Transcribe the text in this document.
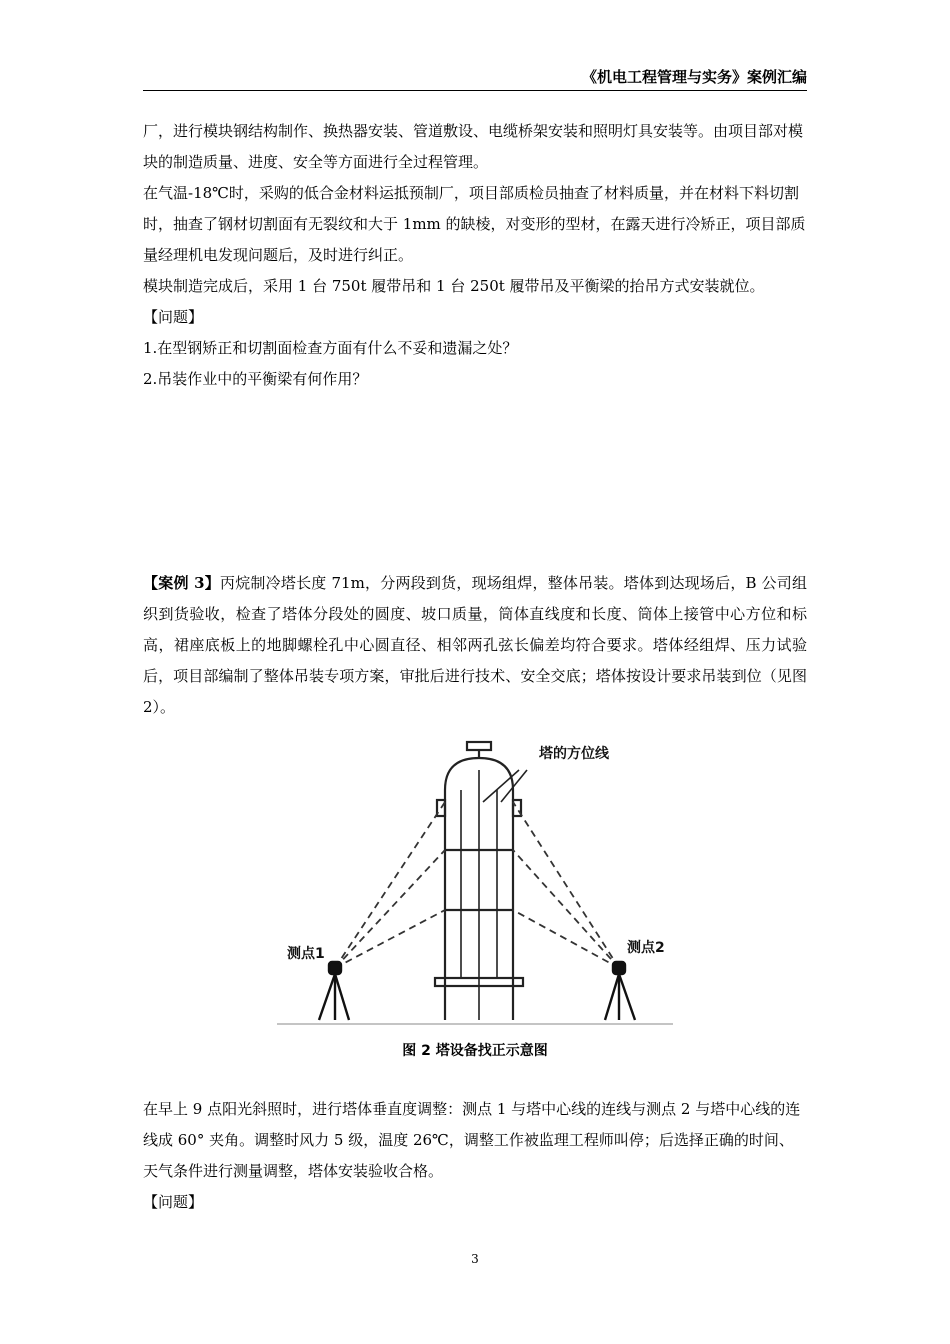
《机电工程管理与实务》案例汇编

厂，进行模块钢结构制作、换热器安装、管道敷设、电缆桥架安装和照明灯具安装等。由项目部对模块的制造质量、进度、安全等方面进行全过程管理。

在气温-18℃时，采购的低合金材料运抵预制厂，项目部质检员抽查了材料质量，并在材料下料切割时，抽查了钢材切割面有无裂纹和大于 1mm 的缺棱，对变形的型材，在露天进行冷矫正，项目部质量经理机电发现问题后，及时进行纠正。

模块制造完成后，采用 1 台 750t 履带吊和 1 台 250t 履带吊及平衡梁的抬吊方式安装就位。

【问题】
1.在型钢矫正和切割面检查方面有什么不妥和遗漏之处？
2.吊装作业中的平衡梁有何作用？
【案例 3】丙烷制冷塔长度 71m，分两段到货，现场组焊，整体吊装。塔体到达现场后，B 公司组织到货验收，检查了塔体分段处的圆度、坡口质量，筒体直线度和长度、筒体上接管中心方位和标高，裙座底板上的地脚螺栓孔中心圆直径、相邻两孔弦长偏差均符合要求。塔体经组焊、压力试验后，项目部编制了整体吊装专项方案，审批后进行技术、安全交底；塔体按设计要求吊装到位（见图 2）。
塔的方位线
测点1	测点2
图 2 塔设备找正示意图

在早上 9 点阳光斜照时，进行塔体垂直度调整：测点 1 与塔中心线的连线与测点 2 与塔中心线的连线成 60° 夹角。调整时风力 5 级，温度 26℃，调整工作被监理工程师叫停；后选择正确的时间、天气条件进行测量调整，塔体安装验收合格。

【问题】
3
